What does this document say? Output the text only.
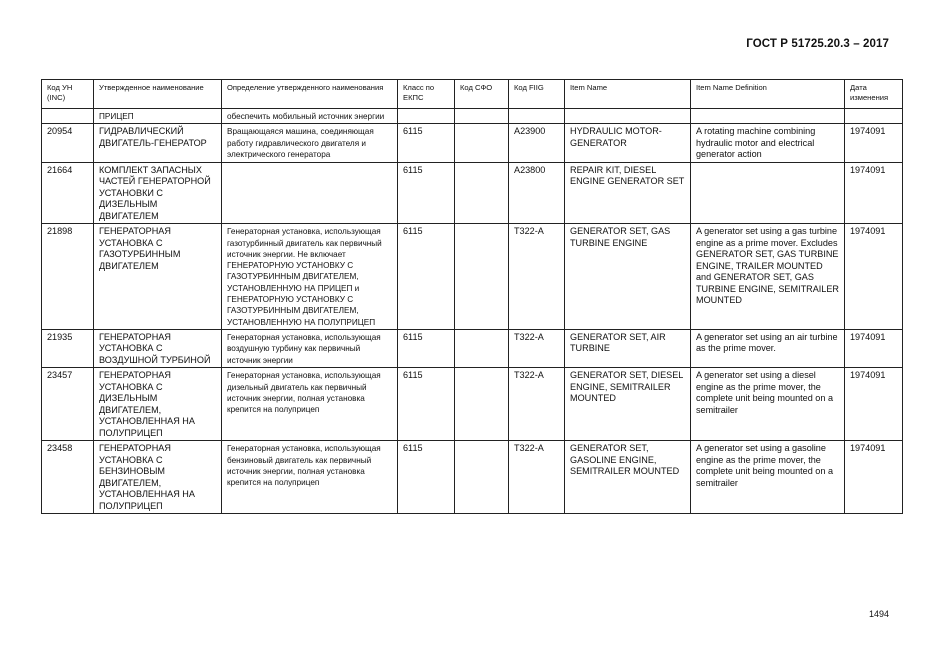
ГОСТ Р 51725.20.3 – 2017
Код УН (INC)	Утвержденное наименование	Определение утвержденного наименования	Класс по ЕКПС	Код СФО	Код FIIG	Item Name	Item Name Definition	Дата изменения
	ПРИЦЕП	обеспечить мобильный источник энергии						
20954	ГИДРАВЛИЧЕСКИЙ ДВИГАТЕЛЬ-ГЕНЕРАТОР	Вращающаяся машина, соединяющая работу гидравлического двигателя и электрического генератора	6115		A23900	HYDRAULIC MOTOR-GENERATOR	A rotating machine combining hydraulic motor and electrical generator action	1974091
21664	КОМПЛЕКТ ЗАПАСНЫХ ЧАСТЕЙ ГЕНЕРАТОРНОЙ УСТАНОВКИ С ДИЗЕЛЬНЫМ ДВИГАТЕЛЕМ		6115		A23800	REPAIR KIT, DIESEL ENGINE GENERATOR SET		1974091
21898	ГЕНЕРАТОРНАЯ УСТАНОВКА С ГАЗОТУРБИННЫМ ДВИГАТЕЛЕМ	Генераторная установка, использующая газотурбинный двигатель как первичный источник энергии. Не включает ГЕНЕРАТОРНУЮ УСТАНОВКУ С ГАЗОТУРБИННЫМ ДВИГАТЕЛЕМ, УСТАНОВЛЕННУЮ НА ПРИЦЕП и ГЕНЕРАТОРНУЮ УСТАНОВКУ С ГАЗОТУРБИННЫМ ДВИГАТЕЛЕМ, УСТАНОВЛЕННУЮ НА ПОЛУПРИЦЕП	6115		T322-A	GENERATOR SET, GAS TURBINE ENGINE	A generator set using a gas turbine engine as a prime mover. Excludes GENERATOR SET, GAS TURBINE ENGINE, TRAILER MOUNTED and GENERATOR SET, GAS TURBINE ENGINE, SEMITRAILER MOUNTED	1974091
21935	ГЕНЕРАТОРНАЯ УСТАНОВКА С ВОЗДУШНОЙ ТУРБИНОЙ	Генераторная установка, использующая воздушную турбину как первичный источник энергии	6115		T322-A	GENERATOR SET, AIR TURBINE	A generator set using an air turbine as the prime mover.	1974091
23457	ГЕНЕРАТОРНАЯ УСТАНОВКА С ДИЗЕЛЬНЫМ ДВИГАТЕЛЕМ, УСТАНОВЛЕННАЯ НА ПОЛУПРИЦЕП	Генераторная установка, использующая дизельный двигатель как первичный источник энергии, полная установка крепится на полуприцеп	6115		T322-A	GENERATOR SET, DIESEL ENGINE, SEMITRAILER MOUNTED	A generator set using a diesel engine as the prime mover, the complete unit being mounted on a semitrailer	1974091
23458	ГЕНЕРАТОРНАЯ УСТАНОВКА С БЕНЗИНОВЫМ ДВИГАТЕЛЕМ, УСТАНОВЛЕННАЯ НА ПОЛУПРИЦЕП	Генераторная установка, использующая бензиновый двигатель как первичный источник энергии, полная установка крепится на полуприцеп	6115		T322-A	GENERATOR SET, GASOLINE ENGINE, SEMITRAILER MOUNTED	A generator set using a gasoline engine as the prime mover, the complete unit being mounted on a semitrailer	1974091
1494
